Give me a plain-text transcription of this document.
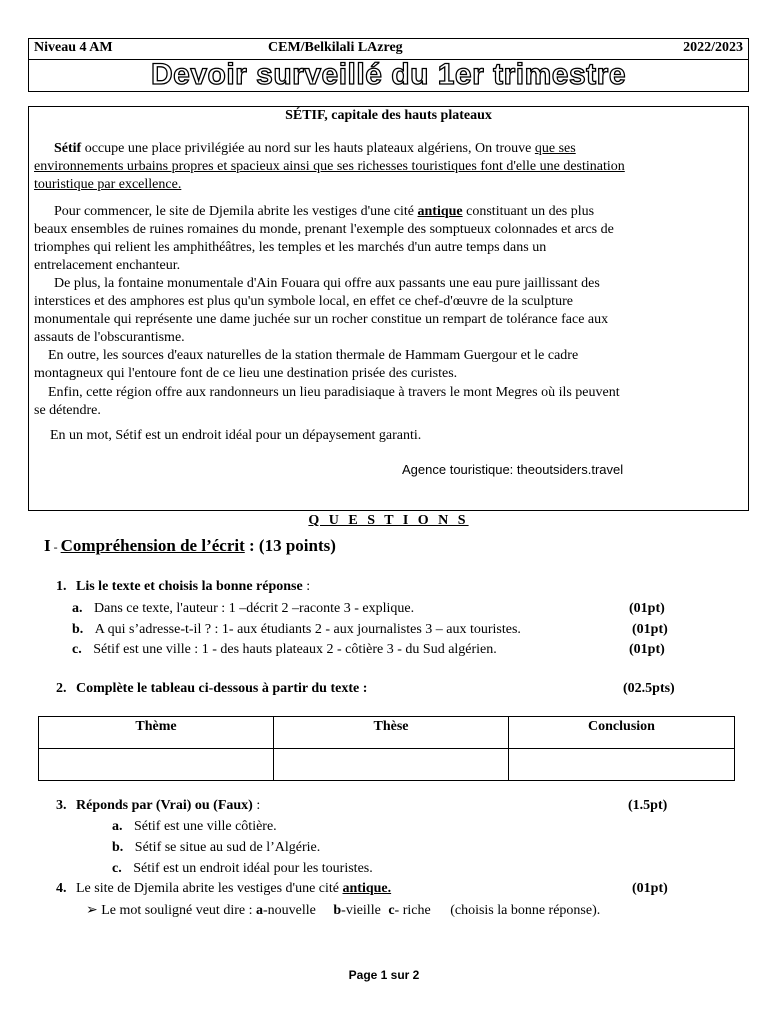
Niveau 4 AM	CEM/Belkilali LAzreg	2022/2023
Devoir surveillé du 1er trimestre
SÉTIF, capitale des hauts plateaux
Sétif occupe une place privilégiée au nord sur les hauts plateaux algériens, On trouve que ses
environnements urbains propres et spacieux ainsi que ses richesses touristiques font d'elle une destination
touristique par excellence.
Pour commencer, le site de Djemila abrite les vestiges d'une cité antique constituant un des plus
beaux ensembles de ruines romaines du monde, prenant l'exemple des somptueux colonnades et arcs de
triomphes qui relient les amphithéâtres, les temples et les marchés d'un autre temps dans un
entrelacement enchanteur.
De plus, la fontaine monumentale d'Ain Fouara qui offre aux passants une eau pure jaillissant des
interstices et des amphores est plus qu'un symbole local, en effet ce chef-d'œuvre de la sculpture
monumentale qui représente une dame juchée sur un rocher constitue un rempart de tolérance face aux
assauts de l'obscurantisme.
En outre, les sources d'eaux naturelles de la station thermale de Hammam Guergour et le cadre
montagneux qui l'entoure font de ce lieu une destination prisée des curistes.
Enfin, cette région offre aux randonneurs un lieu paradisiaque à travers le mont Megres où ils peuvent
se détendre.
En un mot, Sétif est un endroit idéal pour un dépaysement garanti.
Agence touristique: theoutsiders.travel
Q U E S T I O N S
I - Compréhension de l’écrit : (13 points)
1. Lis le texte et choisis la bonne réponse :
a. Dans ce texte, l'auteur : 1 –décrit 2 –raconte 3 - explique.	(01pt)
b. A qui s’adresse-t-il ? : 1- aux étudiants 2 - aux journalistes 3 – aux touristes.	(01pt)
c. Sétif est une ville : 1 - des hauts plateaux 2 - côtière 3 - du Sud algérien.	(01pt)
2. Complète le tableau ci-dessous à partir du texte :	(02.5pts)
Thème	Thèse	Conclusion

3. Réponds par (Vrai) ou (Faux) :	(1.5pt)
a. Sétif est une ville côtière.
b. Sétif se situe au sud de l’Algérie.
c. Sétif est un endroit idéal pour les touristes.
4. Le site de Djemila abrite les vestiges d'une cité antique.	(01pt)
➢ Le mot souligné veut dire : a-nouvelle b-vieille c- riche (choisis la bonne réponse).
Page 1 sur 2
